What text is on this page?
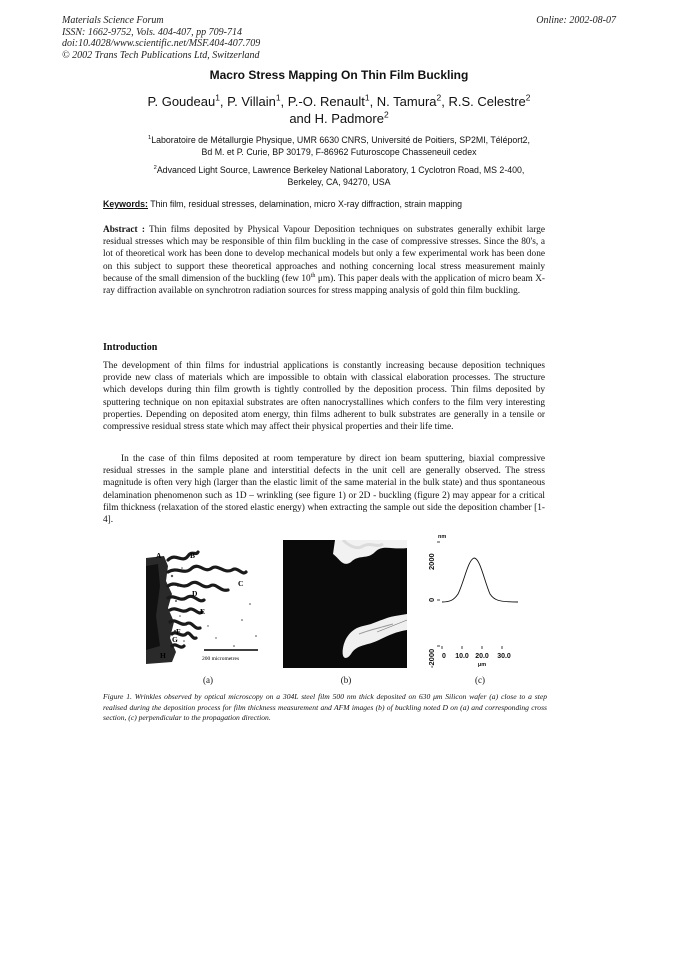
Materials Science Forum
ISSN: 1662-9752, Vols. 404-407, pp 709-714
doi:10.4028/www.scientific.net/MSF.404-407.709
© 2002 Trans Tech Publications Ltd, Switzerland
Online: 2002-08-07
Macro Stress Mapping On Thin Film Buckling
P. Goudeau$^1$, P. Villain$^1$, P.-O. Renault$^1$, N. Tamura$^2$, R.S. Celestre$^2$
and H. Padmore$^2$
$^1$Laboratoire de Métallurgie Physique, UMR 6630 CNRS, Université de Poitiers, SP2MI, Téléport2,
Bd M. et P. Curie, BP 30179, F-86962 Futuroscope Chasseneuil cedex
$^2$Advanced Light Source, Lawrence Berkeley National Laboratory, 1 Cyclotron Road, MS 2-400,
Berkeley, CA, 94270, USA
Keywords: Thin film, residual stresses, delamination, micro X-ray diffraction, strain mapping

Abstract : Thin films deposited by Physical Vapour Deposition techniques on substrates generally exhibit large residual stresses which may be responsible of thin film buckling in the case of compressive stresses. Since the 80's, a lot of theoretical work has been done to develop mechanical models but only a few experimental work has been done on this subject to support these theoretical approaches and nothing concerning local stress measurement mainly because of the small dimension of the buckling (few 10th μm). This paper deals with the application of micro beam X-ray diffraction available on synchrotron radiation sources for stress mapping analysis of gold thin film buckling.

Introduction

The development of thin films for industrial applications is constantly increasing because deposition techniques provide new class of materials which are impossible to obtain with classical elaboration processes. The structure which develops during thin film growth is tightly controlled by the deposition process. Thin films deposited by sputtering technique on non epitaxial substrates are often nanocrystallines which confers to the film very interesting properties. Depending on deposited atom energy, thin films adherent to bulk substrates are generally in a tensile or compressive residual stress state which may affect their physical properties and their life time.

In the case of thin films deposited at room temperature by direct ion beam sputtering, biaxial compressive residual stresses in the sample plane and interstitial defects in the unit cell are generally observed. The stress magnitude is often very high (larger than the elastic limit of the same material in the bulk state) and thus spontaneous delamination phenomenon such as 1D – wrinkling (see figure 1) or 2D - buckling (figure 2) may appear for a critical film thickness (relaxation of the stored elastic energy) when extracting the sample out side the deposition chamber [1-4].

200 micrometres
A	B
C
D
E
F
G
H
2000
0
-2000
nm
0 10.0 20.0 30.0
μm
(a)	(b)	(c)
Figure 1. Wrinkles observed by optical microscopy on a 304L steel film 500 nm thick deposited on 630 μm Silicon wafer (a) close to a step realised during the deposition process for film thickness measurement and AFM images (b) of buckling noted D on (a) and corresponding cross section, (c) perpendicular to the propagation direction.
